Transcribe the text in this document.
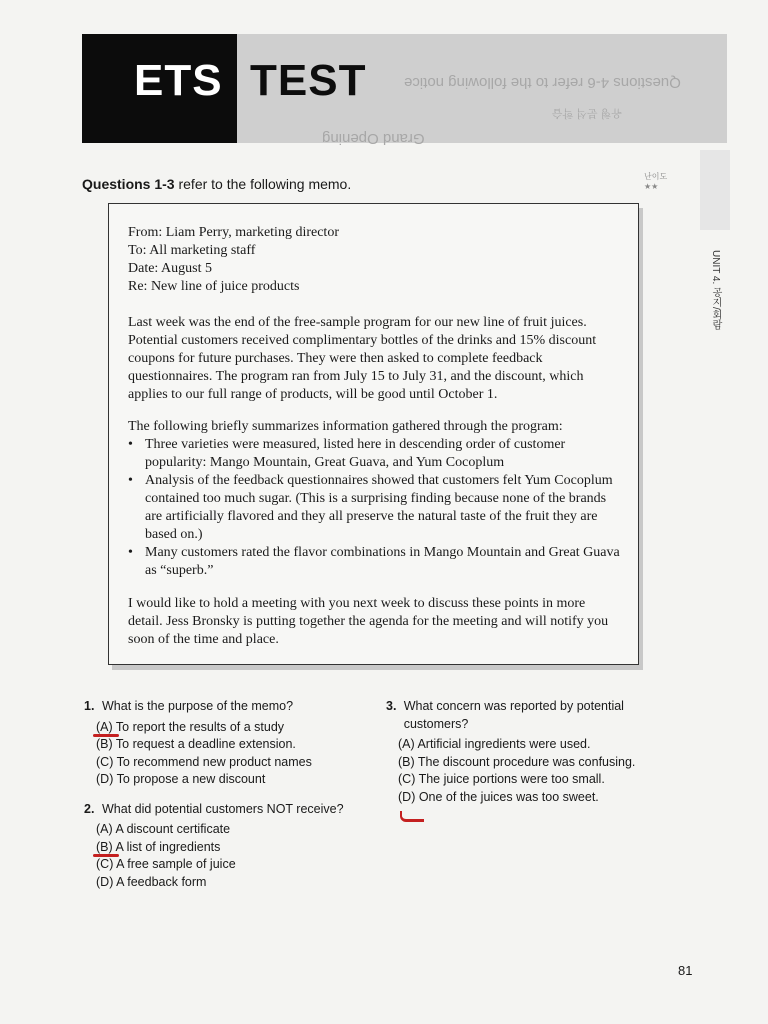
ETS TEST	Questions 4-6 refer to the following notice
유형 분석 학습
Grand Opening
UNIT 4. 공지/회람
난이도
★★
Questions 1-3 refer to the following memo.
From: Liam Perry, marketing director
To: All marketing staff
Date: August 5
Re: New line of juice products
Last week was the end of the free-sample program for our new line of fruit juices. Potential customers received complimentary bottles of the drinks and 15% discount coupons for future purchases. They were then asked to complete feedback questionnaires. The program ran from July 15 to July 31, and the discount, which applies to our full range of products, will be good until October 1.
The following briefly summarizes information gathered through the program:
• Three varieties were measured, listed here in descending order of customer popularity: Mango Mountain, Great Guava, and Yum Cocoplum
• Analysis of the feedback questionnaires showed that customers felt Yum Cocoplum contained too much sugar. (This is a surprising finding because none of the brands are artificially flavored and they all preserve the natural taste of the fruit they are based on.)
• Many customers rated the flavor combinations in Mango Mountain and Great Guava as “superb.”
I would like to hold a meeting with you next week to discuss these points in more detail. Jess Bronsky is putting together the agenda for the meeting and will notify you soon of the time and place.
1. What is the purpose of the memo?
(A) To report the results of a study
(B) To request a deadline extension.
(C) To recommend new product names
(D) To propose a new discount
2. What did potential customers NOT receive?
(A) A discount certificate
(B) A list of ingredients
(C) A free sample of juice
(D) A feedback form
3. What concern was reported by potential customers?
(A) Artificial ingredients were used.
(B) The discount procedure was confusing.
(C) The juice portions were too small.
(D) One of the juices was too sweet.
81
